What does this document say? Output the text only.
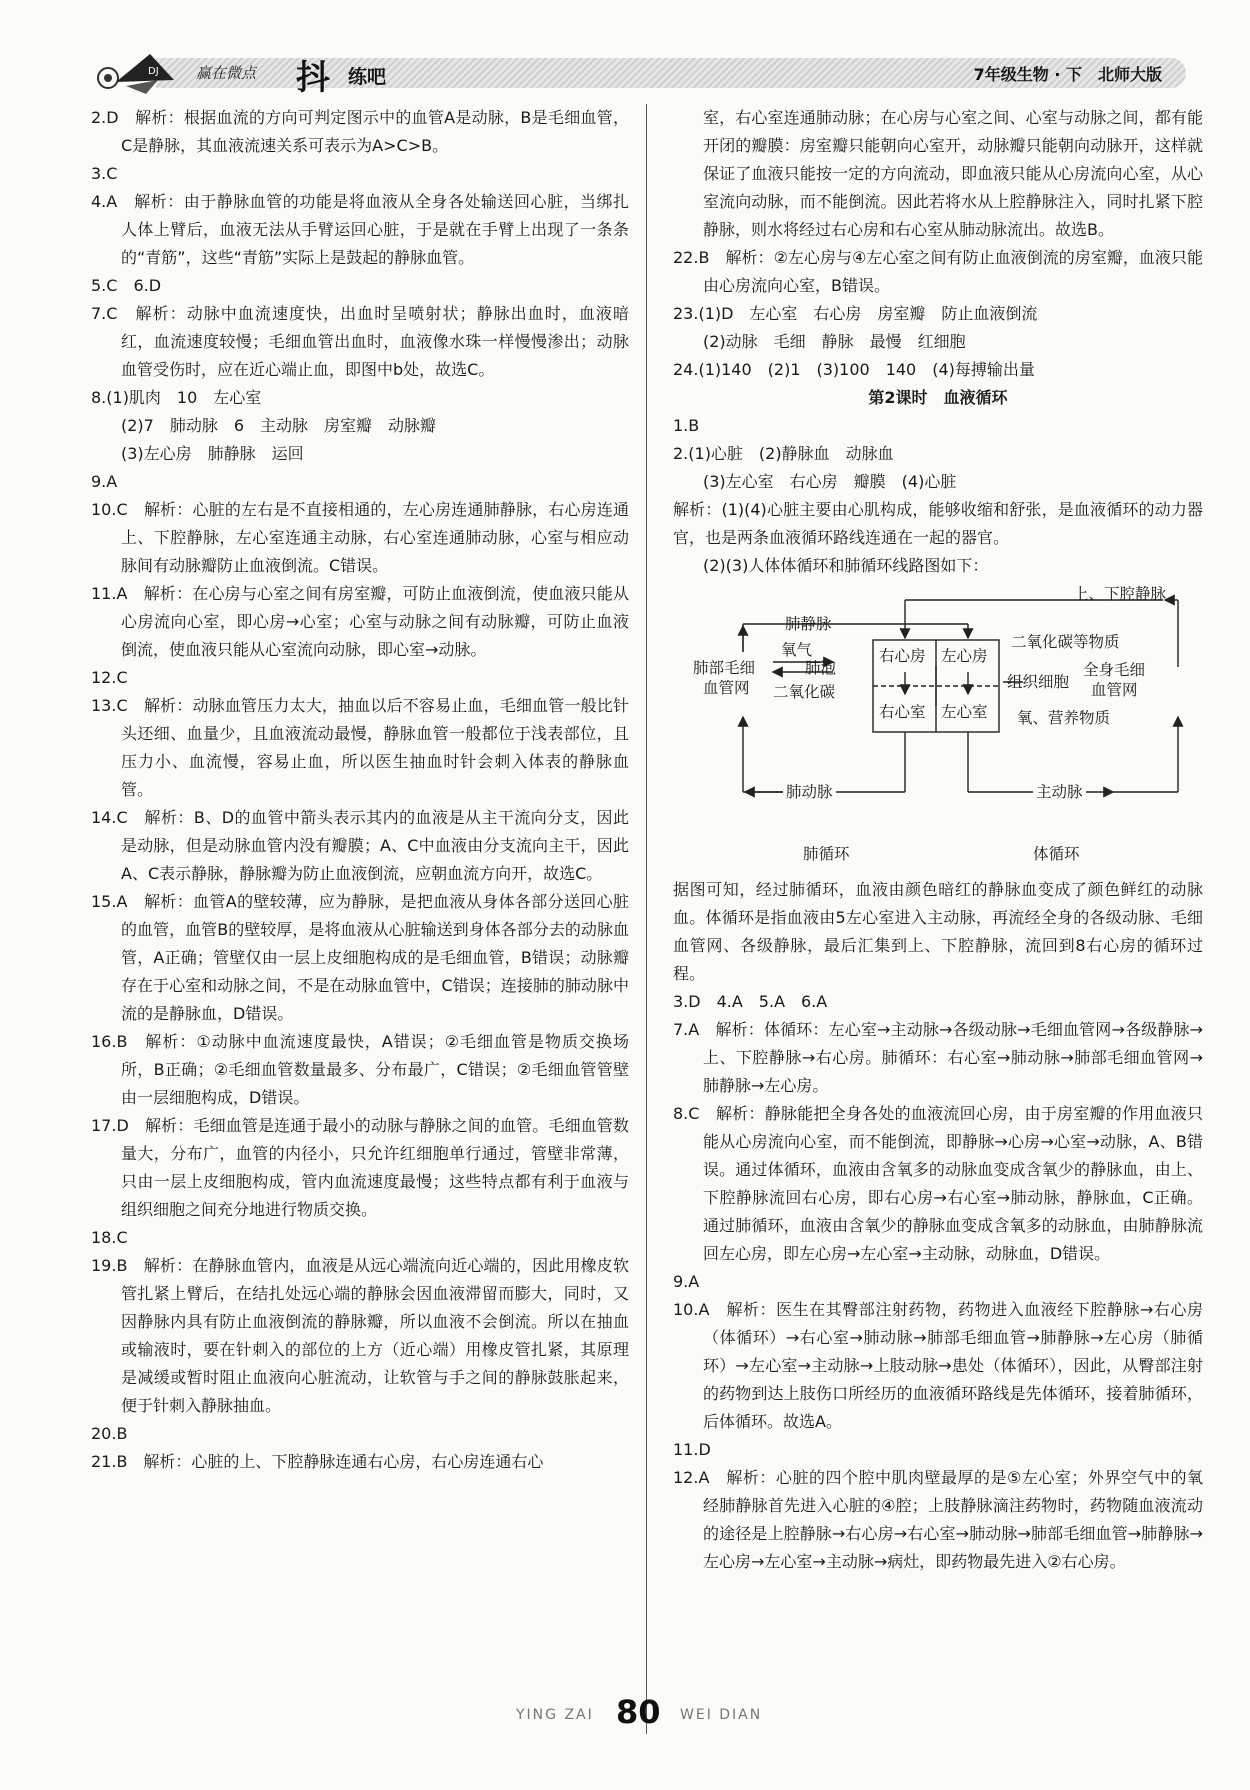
DJ 赢在微点 抖 练吧	7年级生物 · 下　北师大版

2.D　解析：根据血流的方向可判定图示中的血管A是动脉，B是毛细血管，C是静脉，其血液流速关系可表示为A>C>B。

3.C

4.A　解析：由于静脉血管的功能是将血液从全身各处输送回心脏，当绑扎人体上臂后，血液无法从手臂运回心脏，于是就在手臂上出现了一条条的“青筋”，这些“青筋”实际上是鼓起的静脉血管。

5.C　6.D

7.C　解析：动脉中血流速度快，出血时呈喷射状；静脉出血时，血液暗红，血流速度较慢；毛细血管出血时，血液像水珠一样慢慢渗出；动脉血管受伤时，应在近心端止血，即图中b处，故选C。

8.(1)肌肉　10　左心室

(2)7　肺动脉　6　主动脉　房室瓣　动脉瓣

(3)左心房　肺静脉　运回

9.A

10.C　解析：心脏的左右是不直接相通的，左心房连通肺静脉，右心房连通上、下腔静脉，左心室连通主动脉，右心室连通肺动脉，心室与相应动脉间有动脉瓣防止血液倒流。C错误。

11.A　解析：在心房与心室之间有房室瓣，可防止血液倒流，使血液只能从心房流向心室，即心房→心室；心室与动脉之间有动脉瓣，可防止血液倒流，使血液只能从心室流向动脉，即心室→动脉。

12.C

13.C　解析：动脉血管压力太大，抽血以后不容易止血，毛细血管一般比针头还细、血量少，且血液流动最慢，静脉血管一般都位于浅表部位，且压力小、血流慢，容易止血，所以医生抽血时针会刺入体表的静脉血管。

14.C　解析：B、D的血管中箭头表示其内的血液是从主干流向分支，因此是动脉，但是动脉血管内没有瓣膜；A、C中血液由分支流向主干，因此A、C表示静脉，静脉瓣为防止血液倒流，应朝血流方向开，故选C。

15.A　解析：血管A的壁较薄，应为静脉，是把血液从身体各部分送回心脏的血管，血管B的壁较厚，是将血液从心脏输送到身体各部分去的动脉血管，A正确；管壁仅由一层上皮细胞构成的是毛细血管，B错误；动脉瓣存在于心室和动脉之间，不是在动脉血管中，C错误；连接肺的肺动脉中流的是静脉血，D错误。

16.B　解析：①动脉中血流速度最快，A错误；②毛细血管是物质交换场所，B正确；②毛细血管数量最多、分布最广，C错误；②毛细血管管壁由一层细胞构成，D错误。

17.D　解析：毛细血管是连通于最小的动脉与静脉之间的血管。毛细血管数量大，分布广，血管的内径小，只允许红细胞单行通过，管壁非常薄，只由一层上皮细胞构成，管内血流速度最慢；这些特点都有利于血液与组织细胞之间充分地进行物质交换。

18.C

19.B　解析：在静脉血管内，血液是从远心端流向近心端的，因此用橡皮软管扎紧上臂后，在结扎处远心端的静脉会因血液滞留而膨大，同时，又因静脉内具有防止血液倒流的静脉瓣，所以血液不会倒流。所以在抽血或输液时，要在针刺入的部位的上方（近心端）用橡皮管扎紧，其原理是减缓或暂时阻止血液向心脏流动，让软管与手之间的静脉鼓胀起来，便于针刺入静脉抽血。

20.B

21.B　解析：心脏的上、下腔静脉连通右心房，右心房连通右心

室，右心室连通肺动脉；在心房与心室之间、心室与动脉之间，都有能开闭的瓣膜：房室瓣只能朝向心室开，动脉瓣只能朝向动脉开，这样就保证了血液只能按一定的方向流动，即血液只能从心房流向心室，从心室流向动脉，而不能倒流。因此若将水从上腔静脉注入，同时扎紧下腔静脉，则水将经过右心房和右心室从肺动脉流出。故选B。

22.B　解析：②左心房与④左心室之间有防止血液倒流的房室瓣，血液只能由心房流向心室，B错误。

23.(1)D　左心室　右心房　房室瓣　防止血液倒流

(2)动脉　毛细　静脉　最慢　红细胞

24.(1)140　(2)1　(3)100　140　(4)每搏输出量

第2课时　血液循环

1.B

2.(1)心脏　(2)静脉血　动脉血

(3)左心室　右心房　瓣膜　(4)心脏

解析：(1)(4)心脏主要由心肌构成，能够收缩和舒张，是血液循环的动力器官，也是两条血液循环路线连通在一起的器官。

(2)(3)人体体循环和肺循环线路图如下：

上、下腔静脉
肺静脉
氧气
肺泡
二氧化碳
肺部毛细
血管网
右心房 左心房
右心室 左心室
二氧化碳等物质
组织细胞
全身毛细
血管网
氧、营养物质
肺动脉	主动脉
肺循环	体循环

据图可知，经过肺循环，血液由颜色暗红的静脉血变成了颜色鲜红的动脉血。体循环是指血液由5左心室进入主动脉，再流经全身的各级动脉、毛细血管网、各级静脉，最后汇集到上、下腔静脉，流回到8右心房的循环过程。

3.D　4.A　5.A　6.A

7.A　解析：体循环：左心室→主动脉→各级动脉→毛细血管网→各级静脉→上、下腔静脉→右心房。肺循环：右心室→肺动脉→肺部毛细血管网→肺静脉→左心房。

8.C　解析：静脉能把全身各处的血液流回心房，由于房室瓣的作用血液只能从心房流向心室，而不能倒流，即静脉→心房→心室→动脉，A、B错误。通过体循环，血液由含氧多的动脉血变成含氧少的静脉血，由上、下腔静脉流回右心房，即右心房→右心室→肺动脉，静脉血，C正确。通过肺循环，血液由含氧少的静脉血变成含氧多的动脉血，由肺静脉流回左心房，即左心房→左心室→主动脉，动脉血，D错误。

9.A

10.A　解析：医生在其臀部注射药物，药物进入血液经下腔静脉→右心房（体循环）→右心室→肺动脉→肺部毛细血管→肺静脉→左心房（肺循环）→左心室→主动脉→上肢动脉→患处（体循环），因此，从臀部注射的药物到达上肢伤口所经历的血液循环路线是先体循环，接着肺循环，后体循环。故选A。

11.D

12.A　解析：心脏的四个腔中肌肉壁最厚的是⑤左心室；外界空气中的氧经肺静脉首先进入心脏的④腔；上肢静脉滴注药物时，药物随血液流动的途径是上腔静脉→右心房→右心室→肺动脉→肺部毛细血管→肺静脉→左心房→左心室→主动脉→病灶，即药物最先进入②右心房。

YING ZAI 80 WEI DIAN
